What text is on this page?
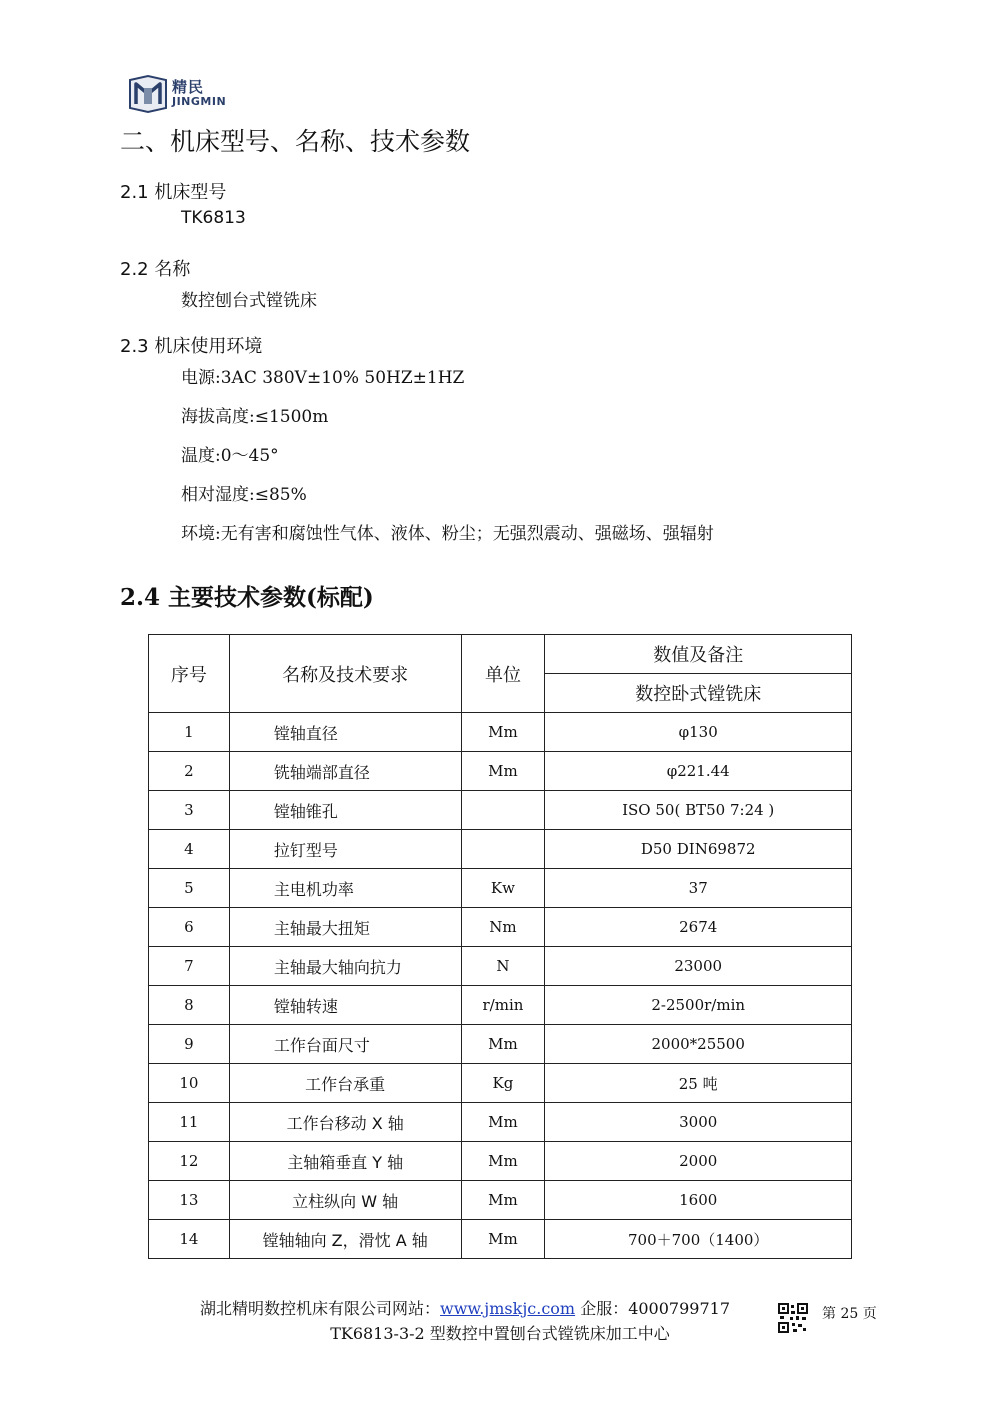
精民
JINGMIN
二、机床型号、名称、技术参数
2.1 机床型号
TK6813
2.2 名称
数控刨台式镗铣床
2.3 机床使用环境
电源:3AC 380V±10% 50HZ±1HZ
海拔高度:≤1500m
温度:0～45°
相对湿度:≤85%
环境:无有害和腐蚀性气体、液体、粉尘；无强烈震动、强磁场、强辐射
2.4 主要技术参数(标配)
序号	名称及技术要求	单位	数值及备注
			数控卧式镗铣床
1	镗轴直径	Mm	φ130
2	铣轴端部直径	Mm	φ221.44
3	镗轴锥孔		ISO 50( BT50 7:24 )
4	拉钉型号		D50 DIN69872
5	主电机功率	Kw	37
6	主轴最大扭矩	Nm	2674
7	主轴最大轴向抗力	N	23000
8	镗轴转速	r/min	2-2500r/min
9	工作台面尺寸	Mm	2000*25500
10	工作台承重	Kg	25 吨
11	工作台移动 X 轴	Mm	3000
12	主轴箱垂直 Y 轴	Mm	2000
13	立柱纵向 W 轴	Mm	1600
14	镗轴轴向 Z，滑忱 A 轴	Mm	700＋700（1400）
湖北精明数控机床有限公司网站：www.jmskjc.com 企服：4000799717	第 25 页
TK6813-3-2 型数控中置刨台式镗铣床加工中心
